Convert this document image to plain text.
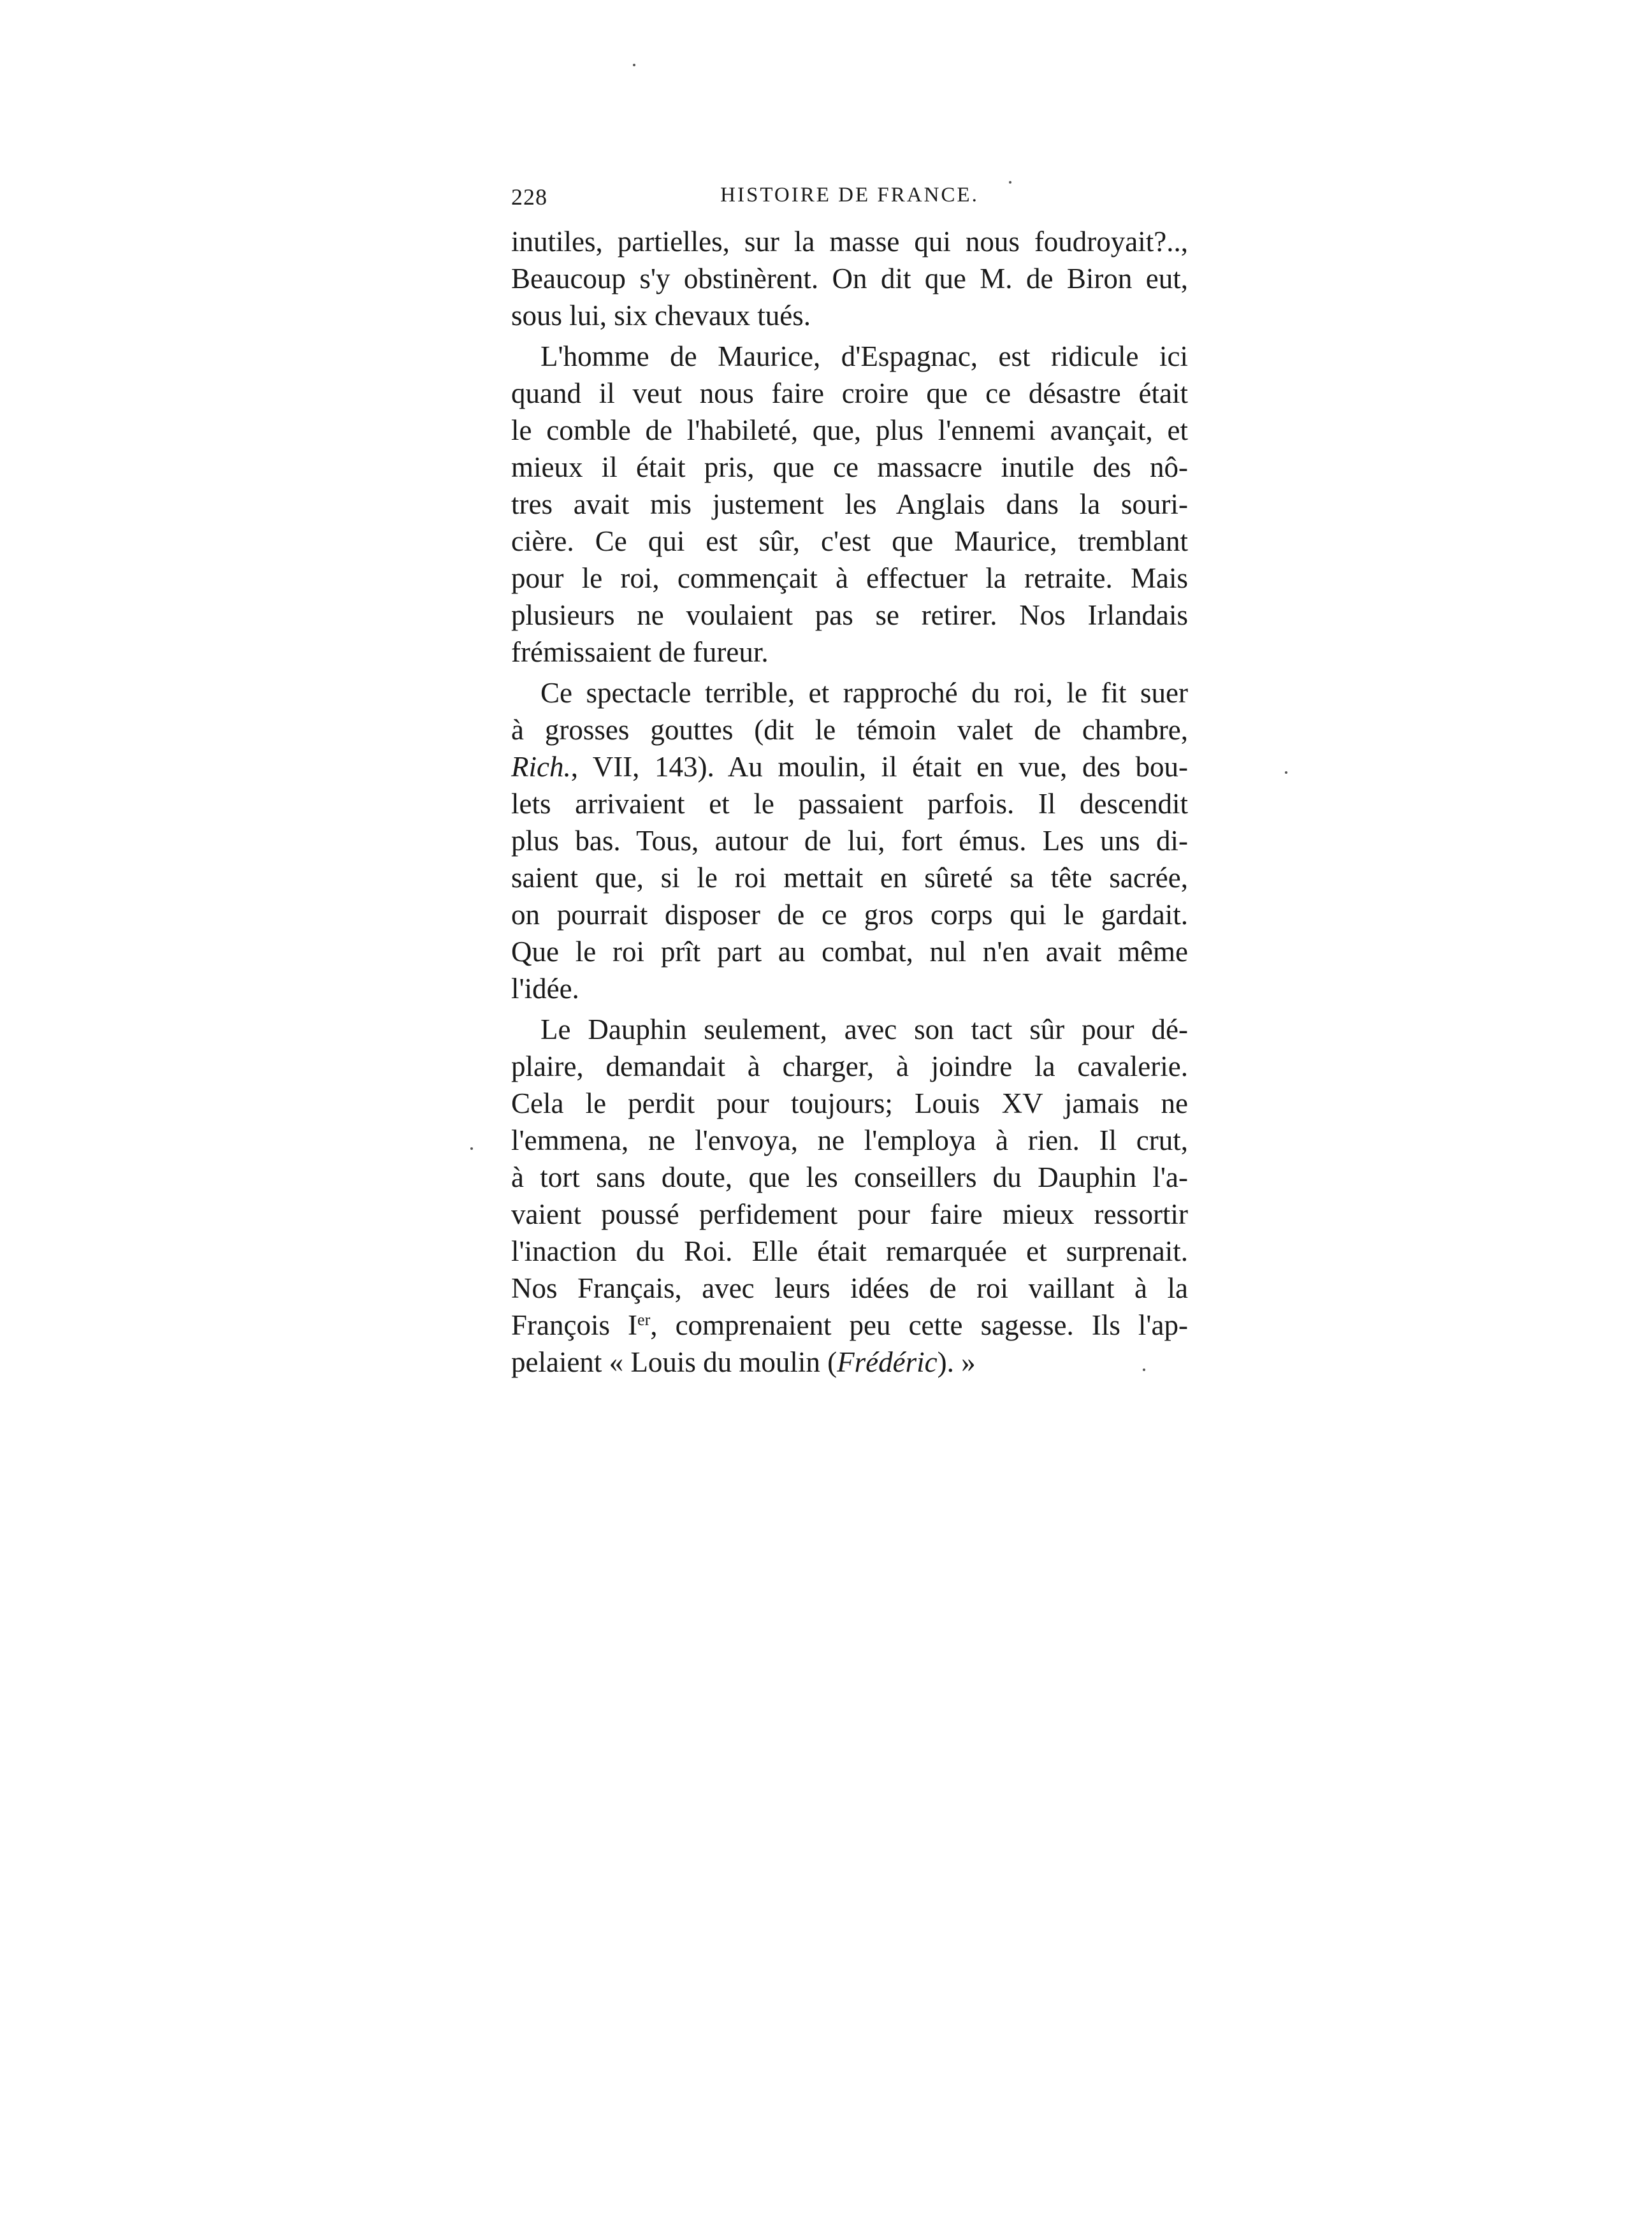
228	HISTOIRE DE FRANCE.
inutiles, partielles, sur la masse qui nous foudroyait?..,
Beaucoup s'y obstinèrent. On dit que M. de Biron eut,
sous lui, six chevaux tués.
L'homme de Maurice, d'Espagnac, est ridicule ici
quand il veut nous faire croire que ce désastre était
le comble de l'habileté, que, plus l'ennemi avançait, et
mieux il était pris, que ce massacre inutile des nô-
tres avait mis justement les Anglais dans la souri-
cière. Ce qui est sûr, c'est que Maurice, tremblant
pour le roi, commençait à effectuer la retraite. Mais
plusieurs ne voulaient pas se retirer. Nos Irlandais
frémissaient de fureur.
Ce spectacle terrible, et rapproché du roi, le fit suer
à grosses gouttes (dit le témoin valet de chambre,
Rich., VII, 143). Au moulin, il était en vue, des bou-
lets arrivaient et le passaient parfois. Il descendit
plus bas. Tous, autour de lui, fort émus. Les uns di-
saient que, si le roi mettait en sûreté sa tête sacrée,
on pourrait disposer de ce gros corps qui le gardait.
Que le roi prît part au combat, nul n'en avait même
l'idée.
Le Dauphin seulement, avec son tact sûr pour dé-
plaire, demandait à charger, à joindre la cavalerie.
Cela le perdit pour toujours; Louis XV jamais ne
l'emmena, ne l'envoya, ne l'employa à rien. Il crut,
à tort sans doute, que les conseillers du Dauphin l'a-
vaient poussé perfidement pour faire mieux ressortir
l'inaction du Roi. Elle était remarquée et surprenait.
Nos Français, avec leurs idées de roi vaillant à la
François Ier, comprenaient peu cette sagesse. Ils l'ap-
pelaient « Louis du moulin (Frédéric). »
